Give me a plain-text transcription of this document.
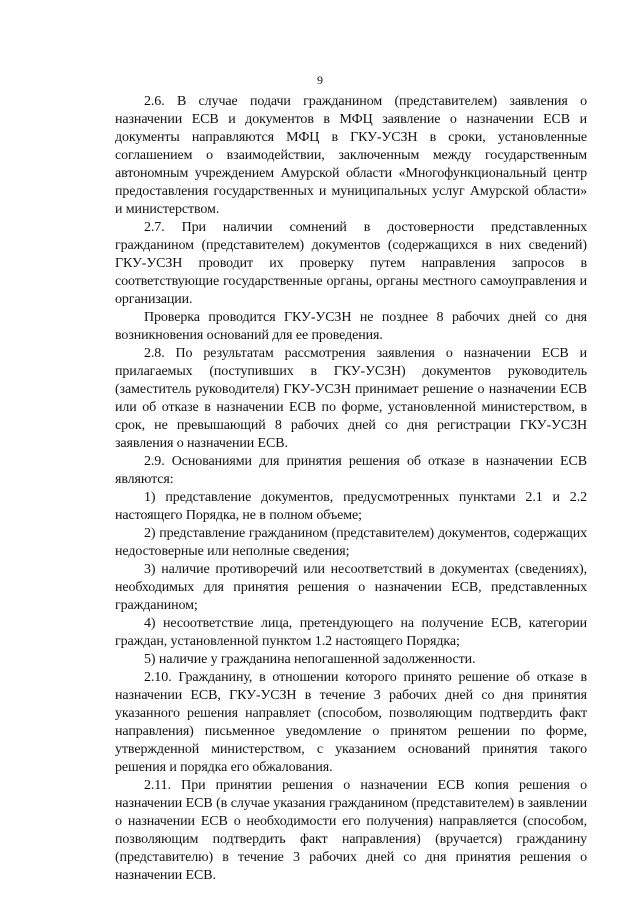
9

2.6. В случае подачи гражданином (представителем) заявления о назначении ЕСВ и документов в МФЦ заявление о назначении ЕСВ и документы направляются МФЦ в ГКУ-УСЗН в сроки, установленные соглашением о взаимодействии, заключенным между государственным автономным учреждением Амурской области «Многофункциональный центр предоставления государственных и муниципальных услуг Амурской области» и министерством.

2.7. При наличии сомнений в достоверности представленных гражданином (представителем) документов (содержащихся в них сведений) ГКУ-УСЗН проводит их проверку путем направления запросов в соответствующие государственные органы, органы местного самоуправления и организации.

Проверка проводится ГКУ-УСЗН не позднее 8 рабочих дней со дня возникновения оснований для ее проведения.

2.8. По результатам рассмотрения заявления о назначении ЕСВ и прилагаемых (поступивших в ГКУ-УСЗН) документов руководитель (заместитель руководителя) ГКУ-УСЗН принимает решение о назначении ЕСВ или об отказе в назначении ЕСВ по форме, установленной министерством, в срок, не превышающий 8 рабочих дней со дня регистрации ГКУ-УСЗН заявления о назначении ЕСВ.

2.9. Основаниями для принятия решения об отказе в назначении ЕСВ являются:

1) представление документов, предусмотренных пунктами 2.1 и 2.2 настоящего Порядка, не в полном объеме;

2) представление гражданином (представителем) документов, содержащих недостоверные или неполные сведения;

3) наличие противоречий или несоответствий в документах (сведениях), необходимых для принятия решения о назначении ЕСВ, представленных гражданином;

4) несоответствие лица, претендующего на получение ЕСВ, категории граждан, установленной пунктом 1.2 настоящего Порядка;

5) наличие у гражданина непогашенной задолженности.

2.10. Гражданину, в отношении которого принято решение об отказе в назначении ЕСВ, ГКУ-УСЗН в течение 3 рабочих дней со дня принятия указанного решения направляет (способом, позволяющим подтвердить факт направления) письменное уведомление о принятом решении по форме, утвержденной министерством, с указанием оснований принятия такого решения и порядка его обжалования.

2.11. При принятии решения о назначении ЕСВ копия решения о назначении ЕСВ (в случае указания гражданином (представителем) в заявлении о назначении ЕСВ о необходимости его получения) направляется (способом, позволяющим подтвердить факт направления) (вручается) гражданину (представителю) в течение 3 рабочих дней со дня принятия решения о назначении ЕСВ.
